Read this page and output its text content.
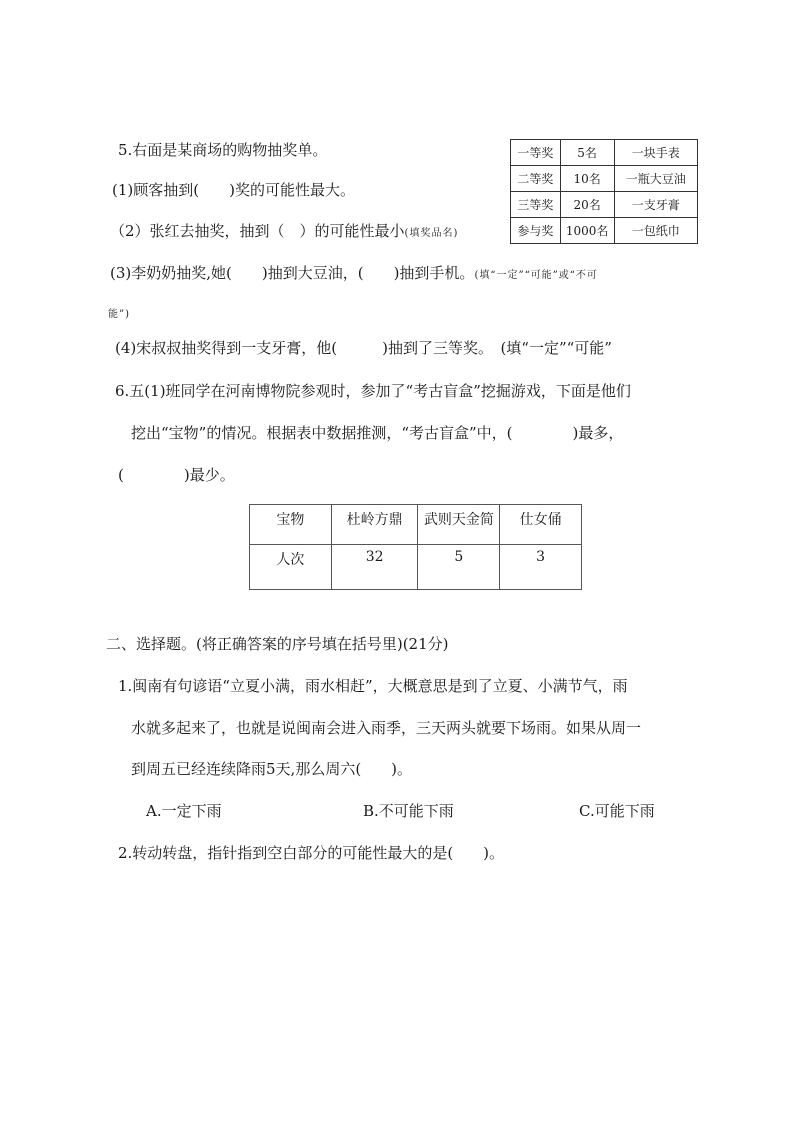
5.右面是某商场的购物抽奖单。	一等奖	5名	一块手表
二等奖	10名	一瓶大豆油
三等奖	20名	一支牙膏
参与奖	1000名	一包纸巾
(1)顾客抽到(　　)奖的可能性最大。
（2）张红去抽奖，抽到（　）的可能性最小(填奖品名)
(3)李奶奶抽奖,她(　　)抽到大豆油，(　　)抽到手机。(填“一定”“可能”或“不可
能”)
(4)宋叔叔抽奖得到一支牙膏，他(　　　)抽到了三等奖。　(填“一定”“可能”
6.五(1)班同学在河南博物院参观时，参加了“考古盲盒”挖掘游戏，下面是他们
挖出“宝物”的情况。根据表中数据推测，“考古盲盒”中，(　　　　)最多，
(　　　　)最少。
宝物	杜岭方鼎	武则天金简	仕女俑
人次	32	5	3
二、选择题。(将正确答案的序号填在括号里)(21分)
1.闽南有句谚语“立夏小满，雨水相赶”，大概意思是到了立夏、小满节气，雨
水就多起来了，也就是说闽南会进入雨季，三天两头就要下场雨。如果从周一
到周五已经连续降雨5天,那么周六(　　)。
A.一定下雨	B.不可能下雨	C.可能下雨
2.转动转盘，指针指到空白部分的可能性最大的是(　　)。
